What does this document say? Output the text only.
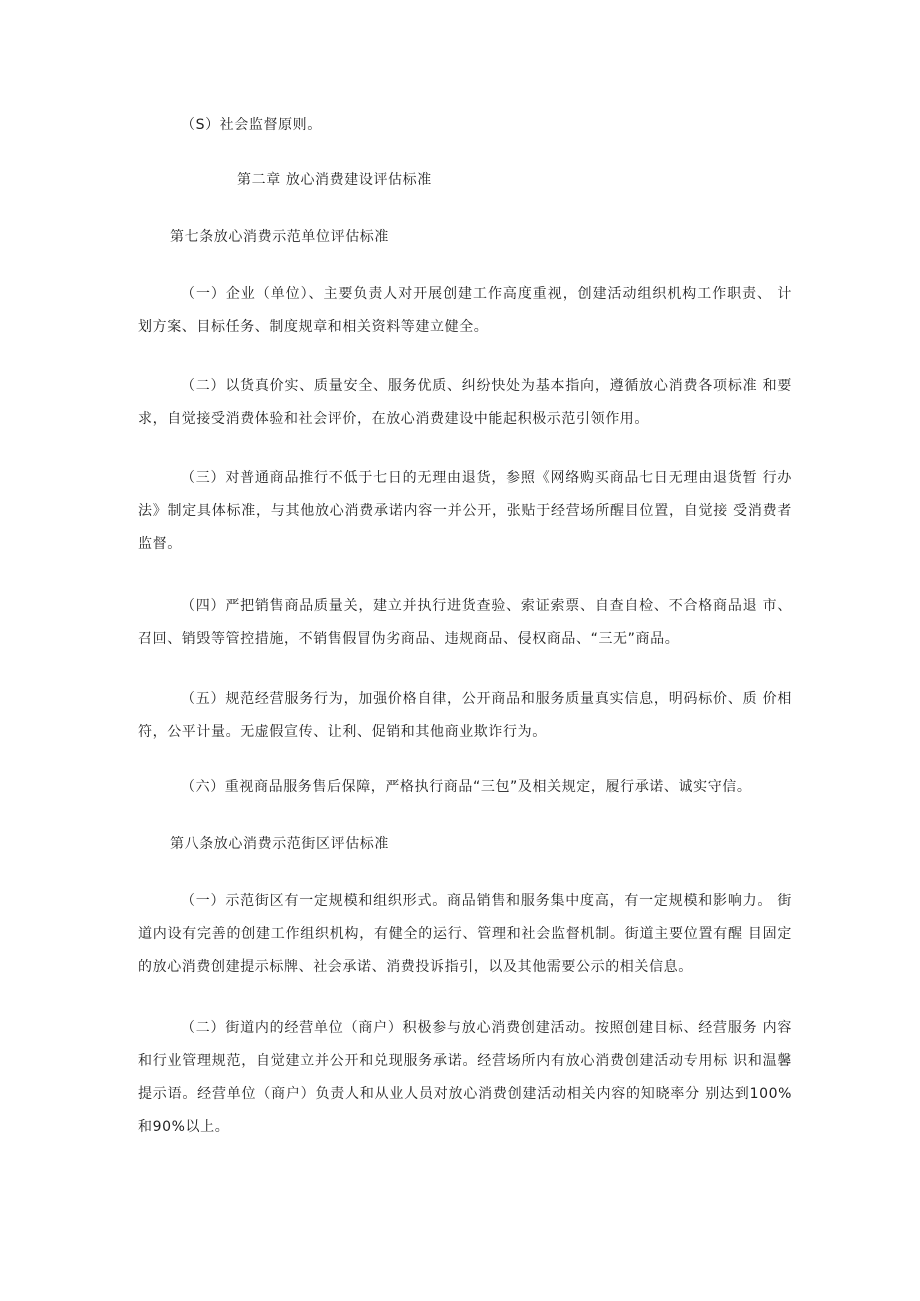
（S）社会监督原则。
第二章 放心消费建设评估标准
第七条放心消费示范单位评估标准

（一）企业（单位）、主要负责人对开展创建工作高度重视，创建活动组织机构工作职责、 计划方案、目标任务、制度规章和相关资料等建立健全。

（二）以货真价实、质量安全、服务优质、纠纷快处为基本指向，遵循放心消费各项标准 和要求，自觉接受消费体验和社会评价，在放心消费建设中能起积极示范引领作用。

（三）对普通商品推行不低于七日的无理由退货，参照《网络购买商品七日无理由退货暂 行办法》制定具体标准，与其他放心消费承诺内容一并公开，张贴于经营场所醒目位置，自觉接 受消费者监督。

（四）严把销售商品质量关，建立并执行进货查验、索证索票、自查自检、不合格商品退 市、召回、销毁等管控措施，不销售假冒伪劣商品、违规商品、侵权商品、“三无”商品。

（五）规范经营服务行为，加强价格自律，公开商品和服务质量真实信息，明码标价、质 价相符，公平计量。无虚假宣传、让利、促销和其他商业欺诈行为。

（六）重视商品服务售后保障，严格执行商品“三包”及相关规定，履行承诺、诚实守信。

第八条放心消费示范街区评估标准

（一）示范街区有一定规模和组织形式。商品销售和服务集中度高，有一定规模和影响力。 街道内设有完善的创建工作组织机构，有健全的运行、管理和社会监督机制。街道主要位置有醒 目固定的放心消费创建提示标牌、社会承诺、消费投诉指引，以及其他需要公示的相关信息。

（二）街道内的经营单位（商户）积极参与放心消费创建活动。按照创建目标、经营服务 内容和行业管理规范，自觉建立并公开和兑现服务承诺。经营场所内有放心消费创建活动专用标 识和温馨提示语。经营单位（商户）负责人和从业人员对放心消费创建活动相关内容的知晓率分 别达到100%和90%以上。
